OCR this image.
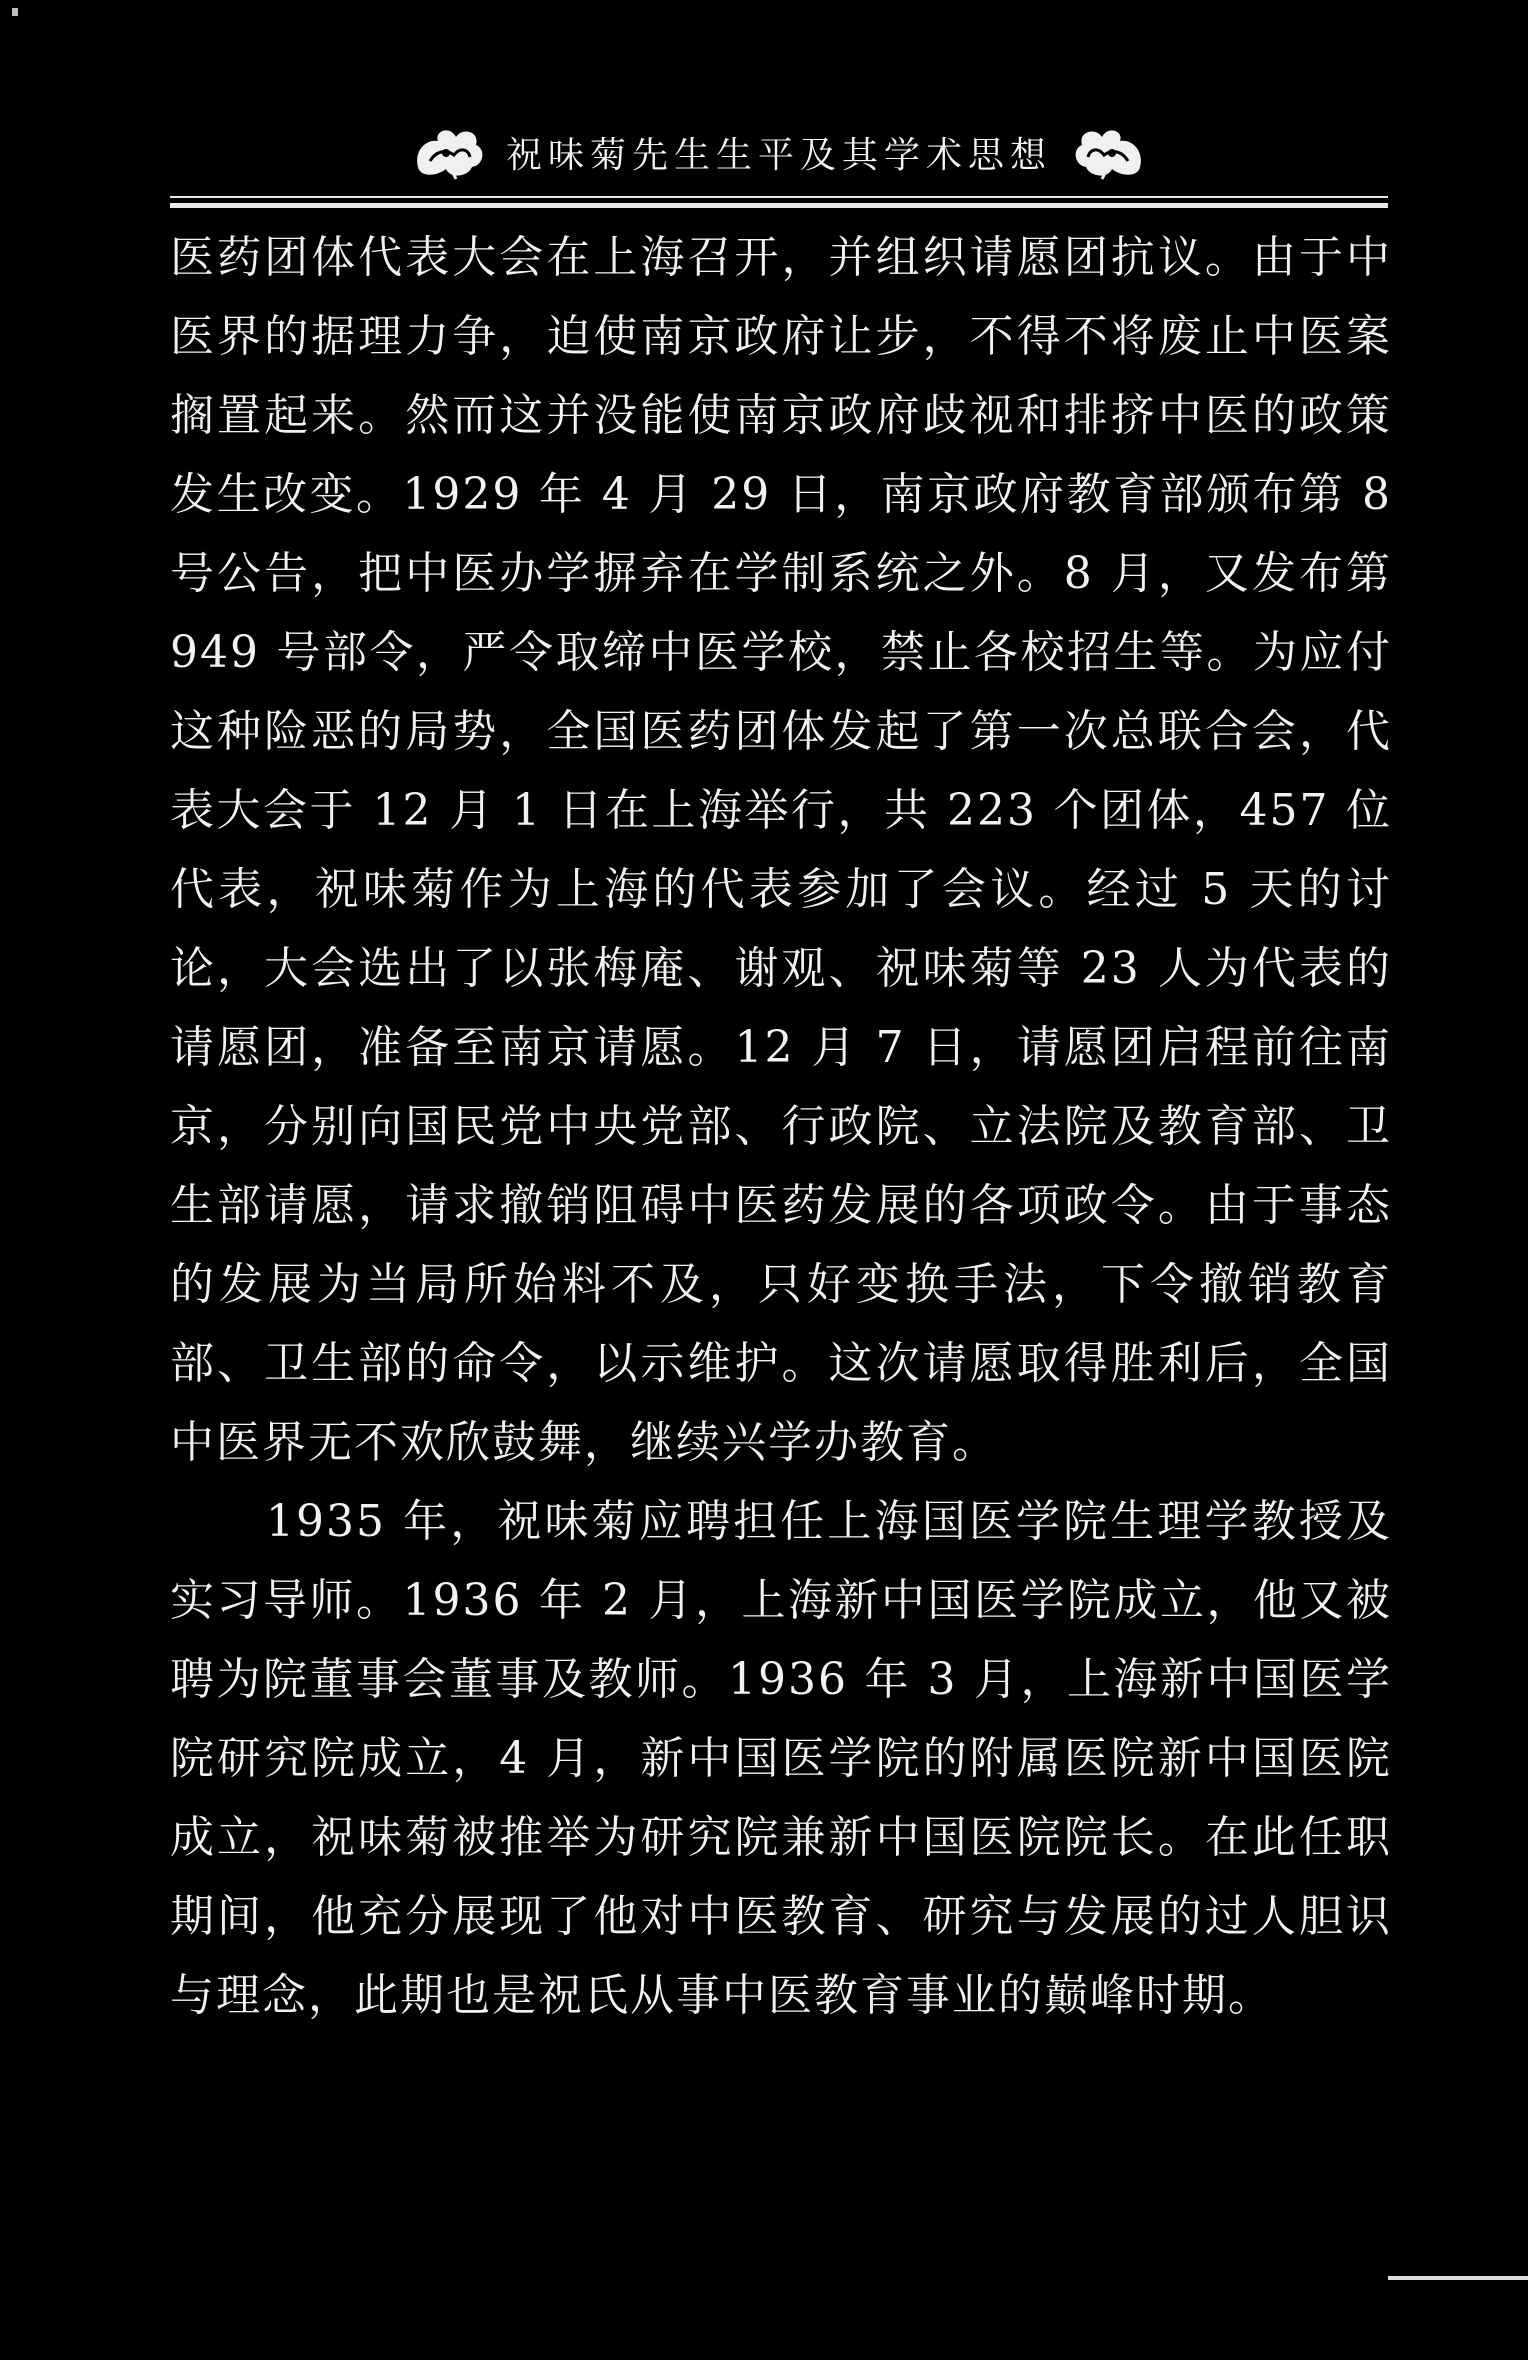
祝味菊先生生平及其学术思想

医药团体代表大会在上海召开，并组织请愿团抗议。由于中医界的据理力争，迫使南京政府让步，不得不将废止中医案搁置起来。然而这并没能使南京政府歧视和排挤中医的政策发生改变。1929 年 4 月 29 日，南京政府教育部颁布第 8 号公告，把中医办学摒弃在学制系统之外。8 月，又发布第 949 号部令，严令取缔中医学校，禁止各校招生等。为应付这种险恶的局势，全国医药团体发起了第一次总联合会，代表大会于 12 月 1 日在上海举行，共 223 个团体，457 位代表，祝味菊作为上海的代表参加了会议。经过 5 天的讨论，大会选出了以张梅庵、谢观、祝味菊等 23 人为代表的请愿团，准备至南京请愿。12 月 7 日，请愿团启程前往南京，分别向国民党中央党部、行政院、立法院及教育部、卫生部请愿，请求撤销阻碍中医药发展的各项政令。由于事态的发展为当局所始料不及，只好变换手法，下令撤销教育部、卫生部的命令，以示维护。这次请愿取得胜利后，全国中医界无不欢欣鼓舞，继续兴学办教育。

1935 年，祝味菊应聘担任上海国医学院生理学教授及实习导师。1936 年 2 月，上海新中国医学院成立，他又被聘为院董事会董事及教师。1936 年 3 月，上海新中国医学院研究院成立，4 月，新中国医学院的附属医院新中国医院成立，祝味菊被推举为研究院兼新中国医院院长。在此任职期间，他充分展现了他对中医教育、研究与发展的过人胆识与理念，此期也是祝氏从事中医教育事业的巅峰时期。
